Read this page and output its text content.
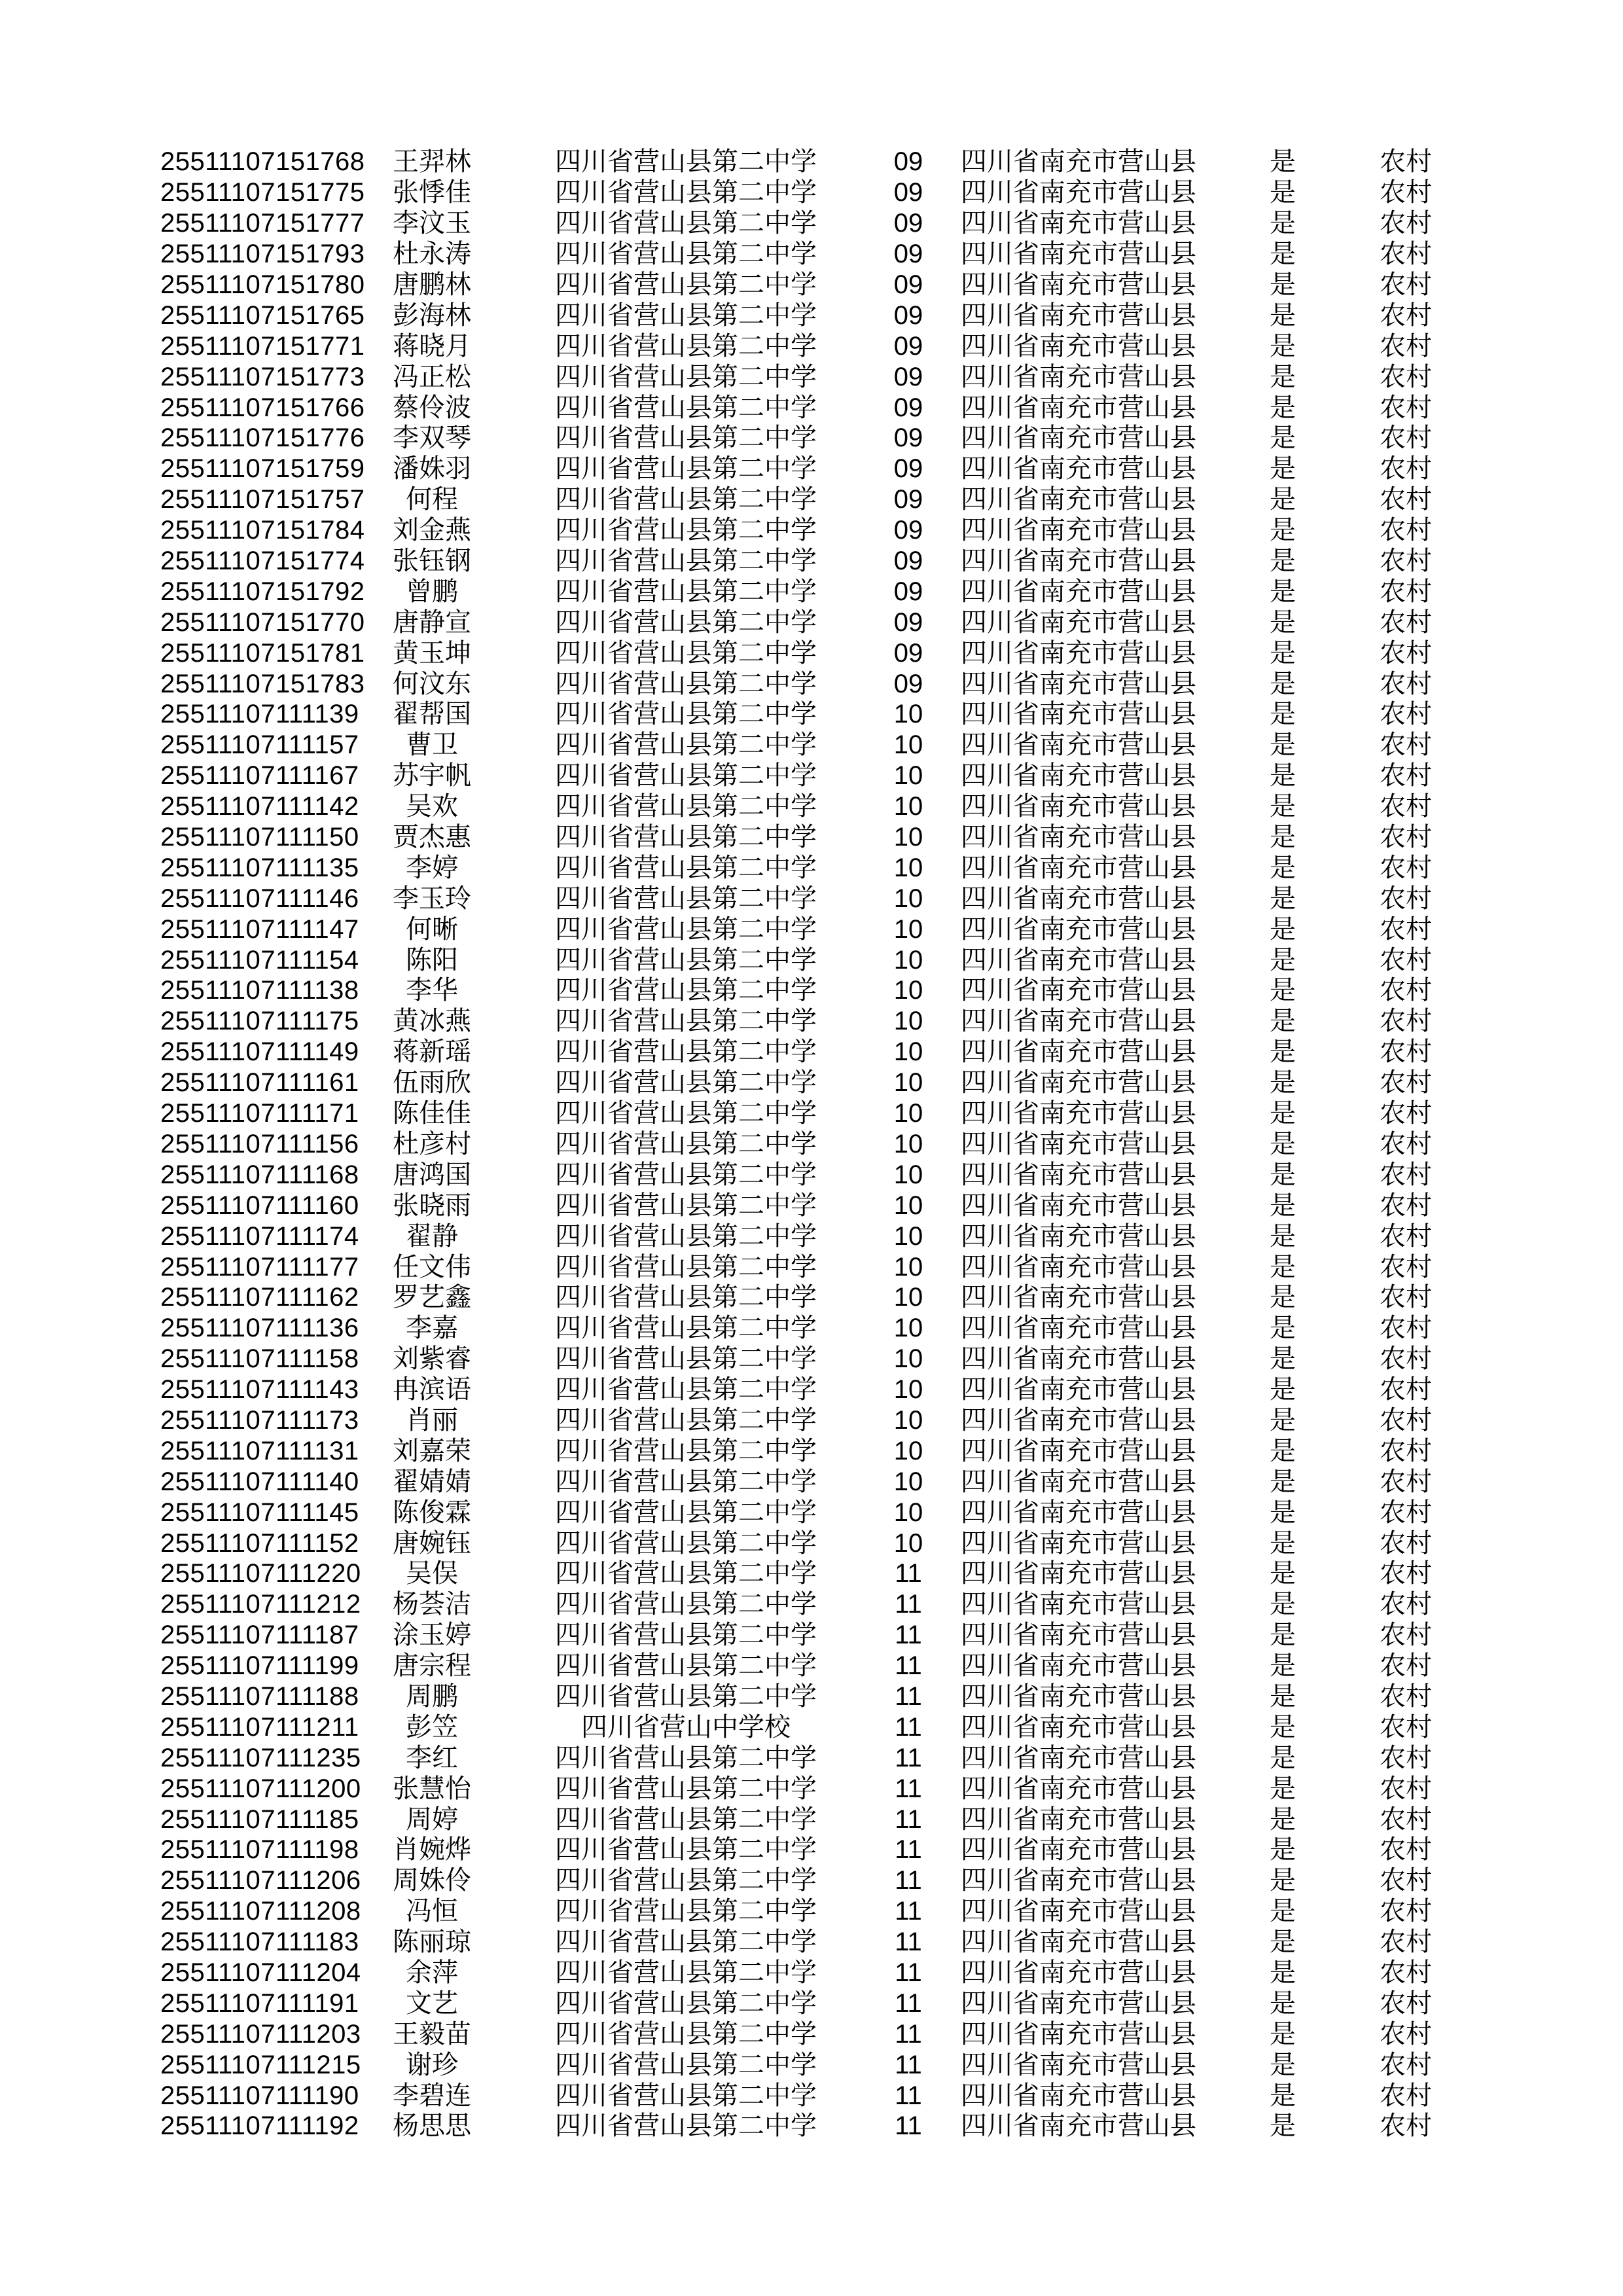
25511107151768	王羿林	四川省营山县第二中学	09	四川省南充市营山县	是	农村
25511107151775	张悸佳	四川省营山县第二中学	09	四川省南充市营山县	是	农村
25511107151777	李汶玉	四川省营山县第二中学	09	四川省南充市营山县	是	农村
25511107151793	杜永涛	四川省营山县第二中学	09	四川省南充市营山县	是	农村
25511107151780	唐鹏林	四川省营山县第二中学	09	四川省南充市营山县	是	农村
25511107151765	彭海林	四川省营山县第二中学	09	四川省南充市营山县	是	农村
25511107151771	蒋晓月	四川省营山县第二中学	09	四川省南充市营山县	是	农村
25511107151773	冯正松	四川省营山县第二中学	09	四川省南充市营山县	是	农村
25511107151766	蔡伶波	四川省营山县第二中学	09	四川省南充市营山县	是	农村
25511107151776	李双琴	四川省营山县第二中学	09	四川省南充市营山县	是	农村
25511107151759	潘姝羽	四川省营山县第二中学	09	四川省南充市营山县	是	农村
25511107151757	何程	四川省营山县第二中学	09	四川省南充市营山县	是	农村
25511107151784	刘金燕	四川省营山县第二中学	09	四川省南充市营山县	是	农村
25511107151774	张钰钢	四川省营山县第二中学	09	四川省南充市营山县	是	农村
25511107151792	曾鹏	四川省营山县第二中学	09	四川省南充市营山县	是	农村
25511107151770	唐静宣	四川省营山县第二中学	09	四川省南充市营山县	是	农村
25511107151781	黄玉坤	四川省营山县第二中学	09	四川省南充市营山县	是	农村
25511107151783	何汶东	四川省营山县第二中学	09	四川省南充市营山县	是	农村
25511107111139	翟帮国	四川省营山县第二中学	10	四川省南充市营山县	是	农村
25511107111157	曹卫	四川省营山县第二中学	10	四川省南充市营山县	是	农村
25511107111167	苏宇帆	四川省营山县第二中学	10	四川省南充市营山县	是	农村
25511107111142	吴欢	四川省营山县第二中学	10	四川省南充市营山县	是	农村
25511107111150	贾杰惠	四川省营山县第二中学	10	四川省南充市营山县	是	农村
25511107111135	李婷	四川省营山县第二中学	10	四川省南充市营山县	是	农村
25511107111146	李玉玲	四川省营山县第二中学	10	四川省南充市营山县	是	农村
25511107111147	何晰	四川省营山县第二中学	10	四川省南充市营山县	是	农村
25511107111154	陈阳	四川省营山县第二中学	10	四川省南充市营山县	是	农村
25511107111138	李华	四川省营山县第二中学	10	四川省南充市营山县	是	农村
25511107111175	黄冰燕	四川省营山县第二中学	10	四川省南充市营山县	是	农村
25511107111149	蒋新瑶	四川省营山县第二中学	10	四川省南充市营山县	是	农村
25511107111161	伍雨欣	四川省营山县第二中学	10	四川省南充市营山县	是	农村
25511107111171	陈佳佳	四川省营山县第二中学	10	四川省南充市营山县	是	农村
25511107111156	杜彦村	四川省营山县第二中学	10	四川省南充市营山县	是	农村
25511107111168	唐鸿国	四川省营山县第二中学	10	四川省南充市营山县	是	农村
25511107111160	张晓雨	四川省营山县第二中学	10	四川省南充市营山县	是	农村
25511107111174	翟静	四川省营山县第二中学	10	四川省南充市营山县	是	农村
25511107111177	任文伟	四川省营山县第二中学	10	四川省南充市营山县	是	农村
25511107111162	罗艺鑫	四川省营山县第二中学	10	四川省南充市营山县	是	农村
25511107111136	李嘉	四川省营山县第二中学	10	四川省南充市营山县	是	农村
25511107111158	刘紫睿	四川省营山县第二中学	10	四川省南充市营山县	是	农村
25511107111143	冉滨语	四川省营山县第二中学	10	四川省南充市营山县	是	农村
25511107111173	肖丽	四川省营山县第二中学	10	四川省南充市营山县	是	农村
25511107111131	刘嘉荣	四川省营山县第二中学	10	四川省南充市营山县	是	农村
25511107111140	翟婧婧	四川省营山县第二中学	10	四川省南充市营山县	是	农村
25511107111145	陈俊霖	四川省营山县第二中学	10	四川省南充市营山县	是	农村
25511107111152	唐婉钰	四川省营山县第二中学	10	四川省南充市营山县	是	农村
25511107111220	吴俣	四川省营山县第二中学	11	四川省南充市营山县	是	农村
25511107111212	杨荟洁	四川省营山县第二中学	11	四川省南充市营山县	是	农村
25511107111187	涂玉婷	四川省营山县第二中学	11	四川省南充市营山县	是	农村
25511107111199	唐宗程	四川省营山县第二中学	11	四川省南充市营山县	是	农村
25511107111188	周鹏	四川省营山县第二中学	11	四川省南充市营山县	是	农村
25511107111211	彭笠	四川省营山中学校	11	四川省南充市营山县	是	农村
25511107111235	李红	四川省营山县第二中学	11	四川省南充市营山县	是	农村
25511107111200	张慧怡	四川省营山县第二中学	11	四川省南充市营山县	是	农村
25511107111185	周婷	四川省营山县第二中学	11	四川省南充市营山县	是	农村
25511107111198	肖婉烨	四川省营山县第二中学	11	四川省南充市营山县	是	农村
25511107111206	周姝伶	四川省营山县第二中学	11	四川省南充市营山县	是	农村
25511107111208	冯恒	四川省营山县第二中学	11	四川省南充市营山县	是	农村
25511107111183	陈丽琼	四川省营山县第二中学	11	四川省南充市营山县	是	农村
25511107111204	余萍	四川省营山县第二中学	11	四川省南充市营山县	是	农村
25511107111191	文艺	四川省营山县第二中学	11	四川省南充市营山县	是	农村
25511107111203	王毅苗	四川省营山县第二中学	11	四川省南充市营山县	是	农村
25511107111215	谢珍	四川省营山县第二中学	11	四川省南充市营山县	是	农村
25511107111190	李碧连	四川省营山县第二中学	11	四川省南充市营山县	是	农村
25511107111192	杨思思	四川省营山县第二中学	11	四川省南充市营山县	是	农村
